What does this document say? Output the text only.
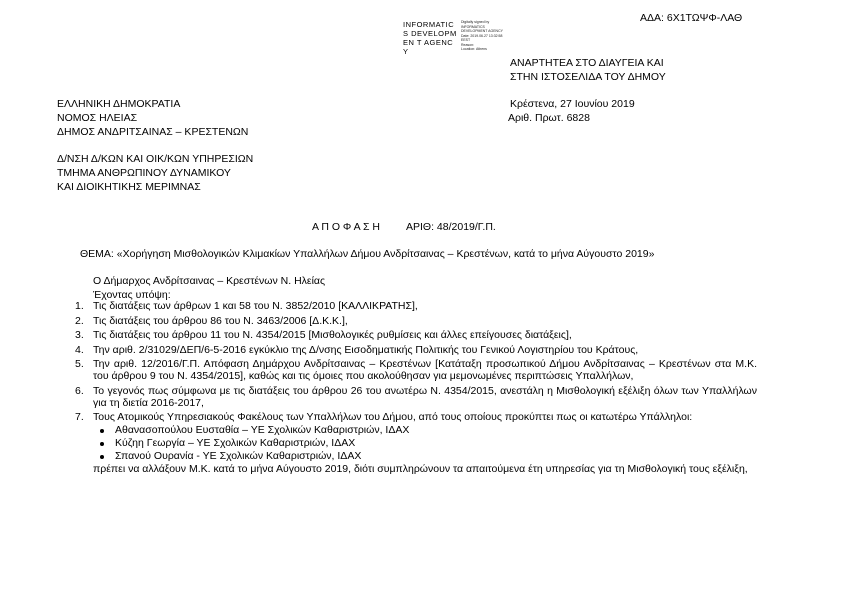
ΑΔΑ: 6Χ1ΤΩΨΦ-ΛΑΘ
INFORMATICS DEVELOPMEN T AGENCY
Digitally signed by
INFORMATICS
DEVELOPMENT AGENCY
Date: 2019.06.27 13:32:58
EEST
Reason:
Location: Athens
ΑΝΑΡΤΗΤΕΑ ΣΤΟ ΔΙΑΥΓΕΙΑ ΚΑΙ
ΣΤΗΝ ΙΣΤΟΣΕΛΙΔΑ ΤΟΥ ΔΗΜΟΥ
ΕΛΛΗΝΙΚΗ ΔΗΜΟΚΡΑΤΙΑ
ΝΟΜΟΣ ΗΛΕΙΑΣ
ΔΗΜΟΣ ΑΝΔΡΙΤΣΑΙΝΑΣ – ΚΡΕΣΤΕΝΩΝ
Κρέστενα, 27 Ιουνίου 2019
Αριθ. Πρωτ. 6828
Δ/ΝΣΗ Δ/ΚΩΝ ΚΑΙ ΟΙΚ/ΚΩΝ ΥΠΗΡΕΣΙΩΝ
ΤΜΗΜΑ ΑΝΘΡΩΠΙΝΟΥ ΔΥΝΑΜΙΚΟΥ
ΚΑΙ ΔΙΟΙΚΗΤΙΚΗΣ ΜΕΡΙΜΝΑΣ
Α Π Ο Φ Α Σ Η ΑΡΙΘ: 48/2019/Γ.Π.
ΘΕΜΑ: «Χορήγηση Μισθολογικών Κλιμακίων Υπαλλήλων Δήμου Ανδρίτσαινας – Κρεστένων, κατά το μήνα Αύγουστο 2019»
Ο Δήμαρχος Ανδρίτσαινας – Κρεστένων Ν. Ηλείας
Έχοντας υπόψη:
1. Τις διατάξεις των άρθρων 1 και 58 του Ν. 3852/2010 [ΚΑΛΛΙΚΡΑΤΗΣ],
2. Τις διατάξεις του άρθρου 86 του Ν. 3463/2006 [Δ.Κ.Κ.],
3. Τις διατάξεις του άρθρου 11 του Ν. 4354/2015 [Μισθολογικές ρυθμίσεις και άλλες επείγουσες διατάξεις],
4. Την αριθ. 2/31029/ΔΕΠ/6-5-2016 εγκύκλιο της Δ/νσης Εισοδηματικής Πολιτικής του Γενικού Λογιστηρίου του Κράτους,
5. Την αριθ. 12/2016/Γ.Π. Απόφαση Δημάρχου Ανδρίτσαινας – Κρεστένων [Κατάταξη προσωπικού Δήμου Ανδρίτσαινας – Κρεστένων στα Μ.Κ. του άρθρου 9 του Ν. 4354/2015], καθώς και τις όμοιες που ακολούθησαν για μεμονωμένες περιπτώσεις Υπαλλήλων,
6. Το γεγονός πως σύμφωνα με τις διατάξεις του άρθρου 26 του ανωτέρω Ν. 4354/2015, ανεστάλη η Μισθολογική εξέλιξη όλων των Υπαλλήλων για τη διετία 2016-2017,
7. Τους Ατομικούς Υπηρεσιακούς Φακέλους των Υπαλλήλων του Δήμου, από τους οποίους προκύπτει πως οι κατωτέρω Υπάλληλοι:
Αθανασοπούλου Ευσταθία – ΥΕ Σχολικών Καθαριστριών, ΙΔΑΧ
Κύζηη Γεωργία – ΥΕ Σχολικών Καθαριστριών, ΙΔΑΧ
Σπανού Ουρανία - ΥΕ Σχολικών Καθαριστριών, ΙΔΑΧ
πρέπει να αλλάξουν Μ.Κ. κατά το μήνα Αύγουστο 2019, διότι συμπληρώνουν τα απαιτούμενα έτη υπηρεσίας για τη Μισθολογική τους εξέλιξη,
